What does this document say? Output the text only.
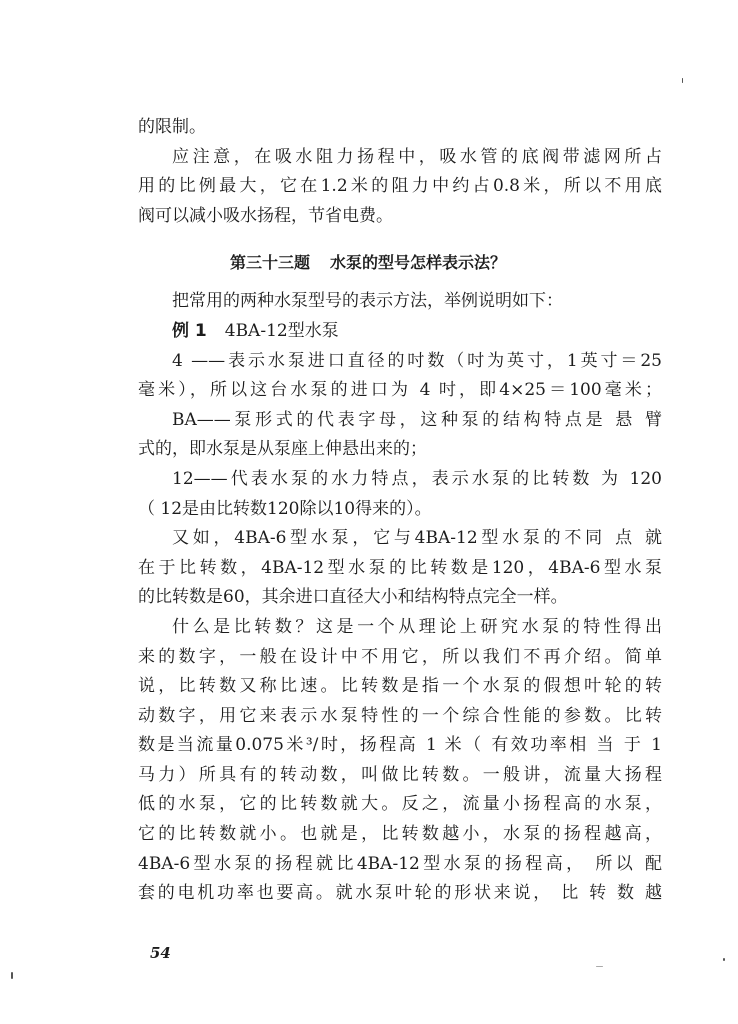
的限制。
应注意，在吸水阻力扬程中，吸水管的底阀带滤网所占
用的比例最大，它在1.2米的阻力中约占0.8米，所以不用底
阀可以减小吸水扬程，节省电费。
第三十三题 水泵的型号怎样表示法？
把常用的两种水泵型号的表示方法，举例说明如下：
例 1 4BA-12型水泵
4 ——表示水泵进口直径的吋数（吋为英寸，1英寸＝25
毫米），所以这台水泵的进口为 4 吋，即4×25＝100毫米；
BA——泵形式的代表字母，这种泵的结构特点是 悬 臂
式的，即水泵是从泵座上伸悬出来的；
12——代表水泵的水力特点，表示水泵的比转数 为 120
（ 12是由比转数120除以10得来的）。
又如，4BA-6型水泵，它与4BA-12型水泵的不同 点 就
在于比转数，4BA-12型水泵的比转数是120，4BA-6型水泵
的比转数是60，其余进口直径大小和结构特点完全一样。
什么是比转数？这是一个从理论上研究水泵的特性得出
来的数字，一般在设计中不用它，所以我们不再介绍。简单
说，比转数又称比速。比转数是指一个水泵的假想叶轮的转
动数字，用它来表示水泵特性的一个综合性能的参数。比转
数是当流量0.075米³/时，扬程高 1 米（ 有效功率相 当 于 1
马力）所具有的转动数，叫做比转数。一般讲，流量大扬程
低的水泵，它的比转数就大。反之，流量小扬程高的水泵，
它的比转数就小。也就是，比转数越小，水泵的扬程越高，
4BA-6型水泵的扬程就比4BA-12型水泵的扬程高， 所以 配
套的电机功率也要高。就水泵叶轮的形状来说， 比 转 数 越
54
